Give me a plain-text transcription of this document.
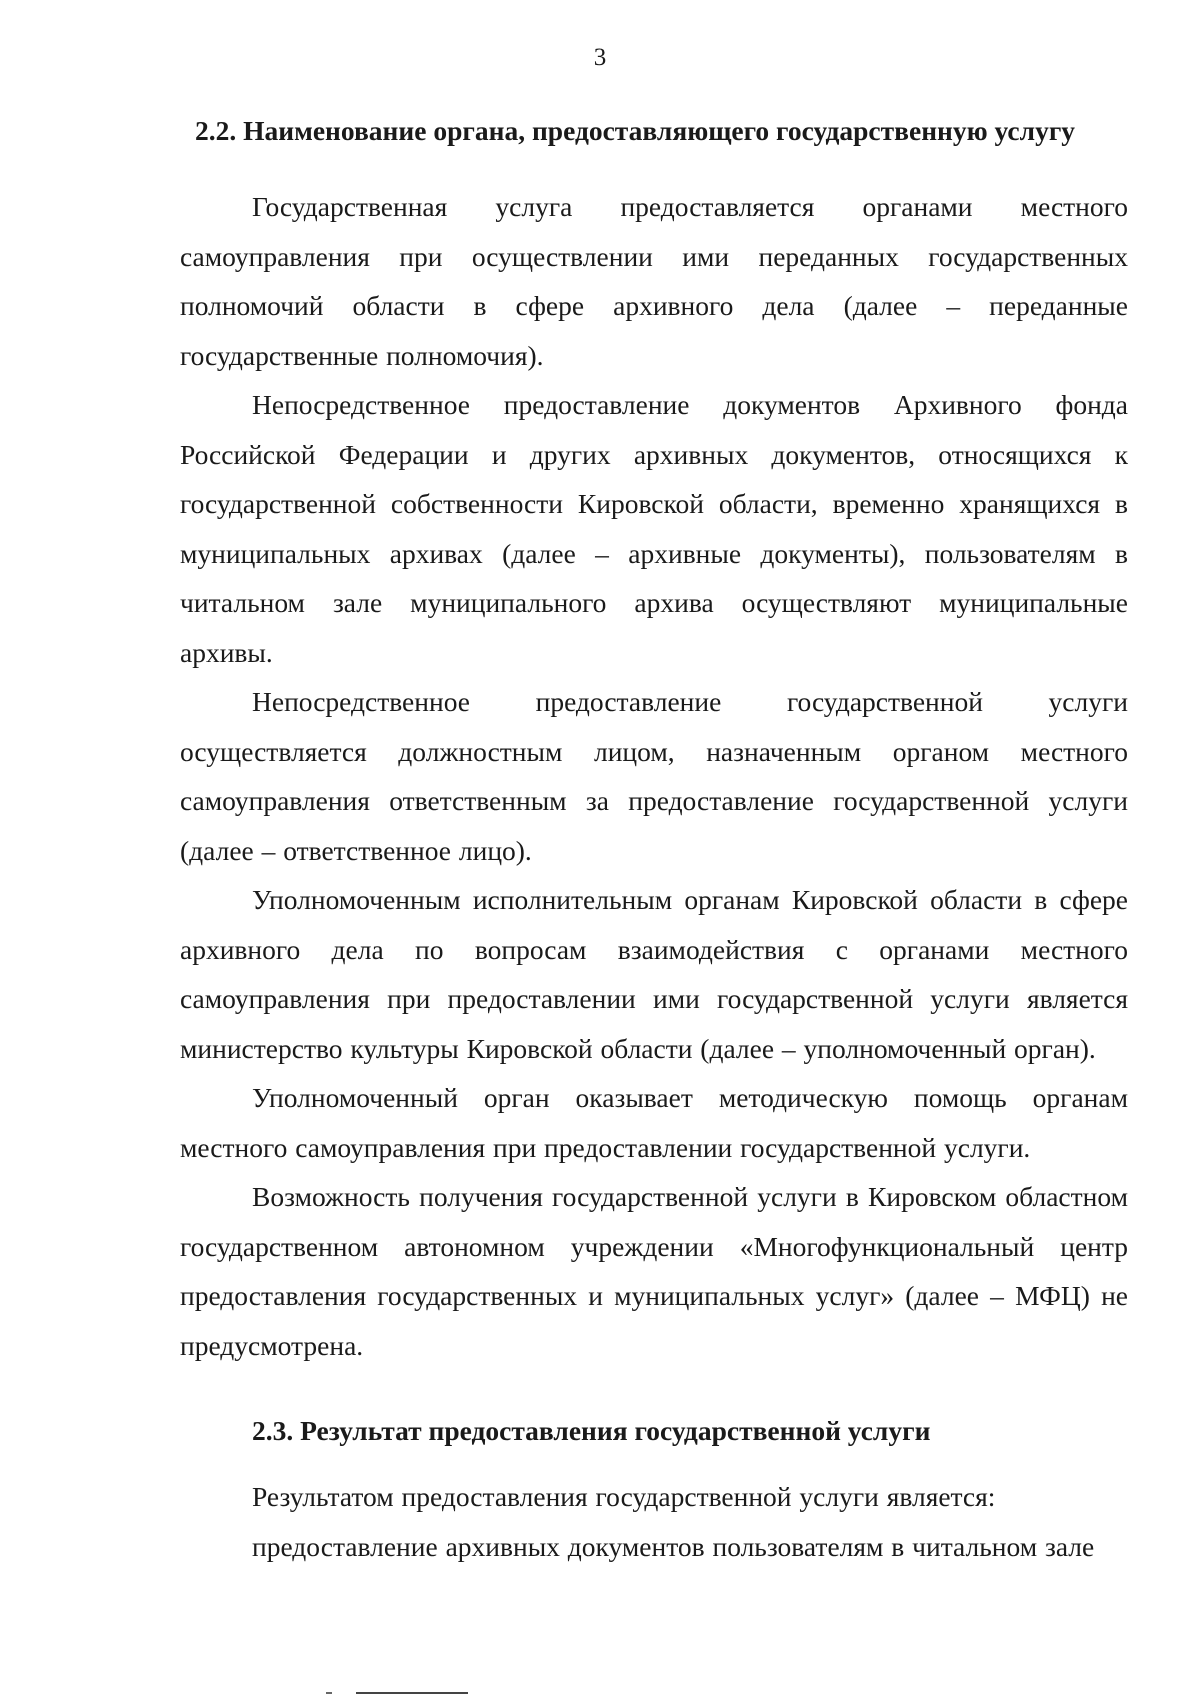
3

2.2. Наименование органа, предоставляющего государственную услугу

Государственная услуга предоставляется органами местного самоуправления при осуществлении ими переданных государственных полномочий области в сфере архивного дела (далее – переданные государственные полномочия).

Непосредственное предоставление документов Архивного фонда Российской Федерации и других архивных документов, относящихся к государственной собственности Кировской области, временно хранящихся в муниципальных архивах (далее – архивные документы), пользователям в читальном зале муниципального архива осуществляют муниципальные архивы.

Непосредственное предоставление государственной услуги осуществляется должностным лицом, назначенным органом местного самоуправления ответственным за предоставление государственной услуги (далее – ответственное лицо).

Уполномоченным исполнительным органам Кировской области в сфере архивного дела по вопросам взаимодействия с органами местного самоуправления при предоставлении ими государственной услуги является министерство культуры Кировской области (далее – уполномоченный орган).

Уполномоченный орган оказывает методическую помощь органам местного самоуправления при предоставлении государственной услуги.

Возможность получения государственной услуги в Кировском областном государственном автономном учреждении «Многофункциональный центр предоставления государственных и муниципальных услуг» (далее – МФЦ) не предусмотрена.

2.3. Результат предоставления государственной услуги

Результатом предоставления государственной услуги является:

предоставление архивных документов пользователям в читальном зале
